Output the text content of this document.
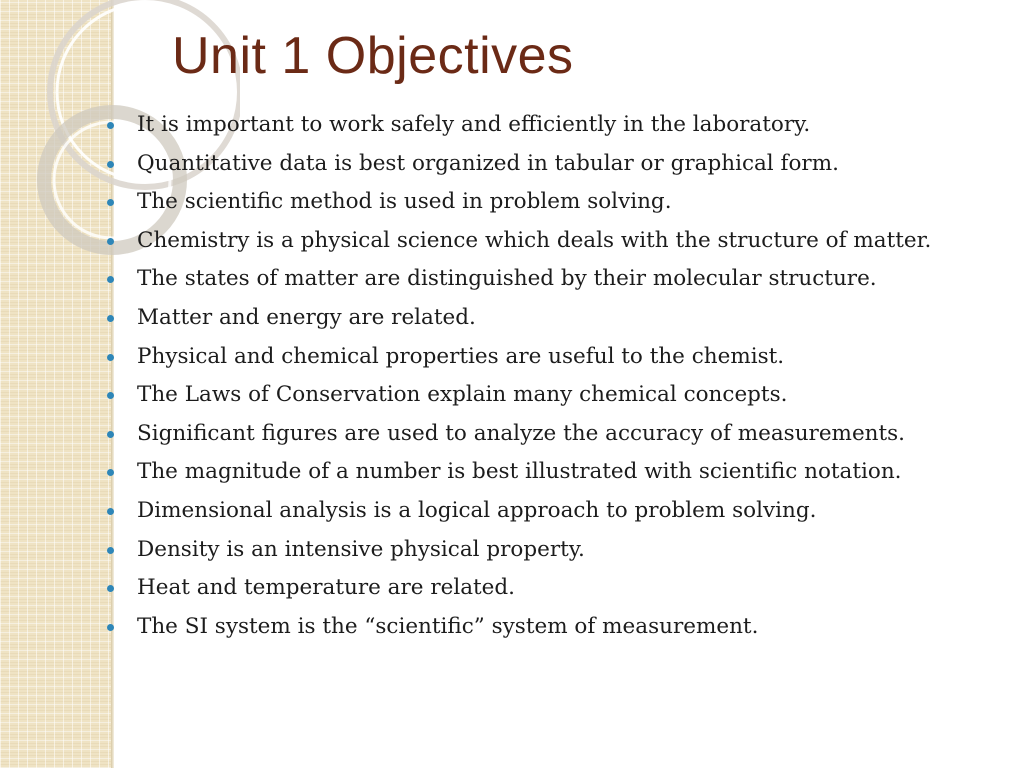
Unit 1 Objectives
It is important to work safely and efficiently in the laboratory.
Quantitative data is best organized in tabular or graphical form.
The scientific method is used in problem solving.
Chemistry is a physical science which deals with the structure of matter.
The states of matter are distinguished by their molecular structure.
Matter and energy are related.
Physical and chemical properties are useful to the chemist.
The Laws of Conservation explain many chemical concepts.
Significant figures are used to analyze the accuracy of measurements.
The magnitude of a number is best illustrated with scientific notation.
Dimensional analysis is a logical approach to problem solving.
Density is an intensive physical property.
Heat and temperature are related.
The SI system is the “scientific” system of measurement.
